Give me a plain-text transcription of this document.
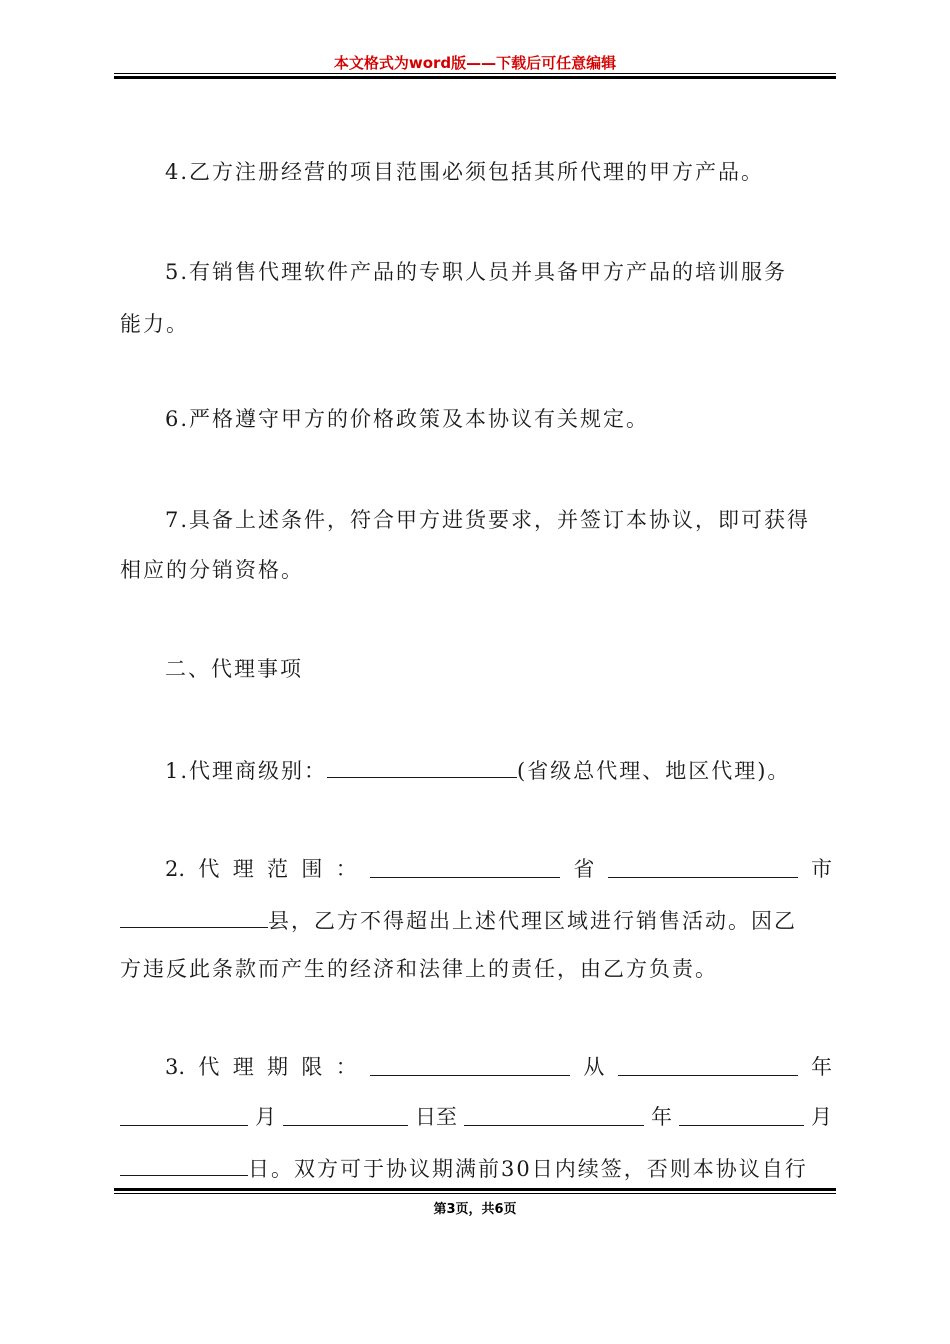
本文格式为word版——下载后可任意编辑
4.乙方注册经营的项目范围必须包括其所代理的甲方产品。
5.有销售代理软件产品的专职人员并具备甲方产品的培训服务
能力。
6.严格遵守甲方的价格政策及本协议有关规定。
7.具备上述条件，符合甲方进货要求，并签订本协议，即可获得
相应的分销资格。
二、代理事项
1.代理商级别：	(省级总代理、地区代理)。
2. 代 理 范 围 ：	省	市
县，乙方不得超出上述代理区域进行销售活动。因乙
方违反此条款而产生的经济和法律上的责任，由乙方负责。
3. 代 理 期 限 ：	从	年
月	日至	年	月
日。双方可于协议期满前30日内续签，否则本协议自行
第3页，共6页
